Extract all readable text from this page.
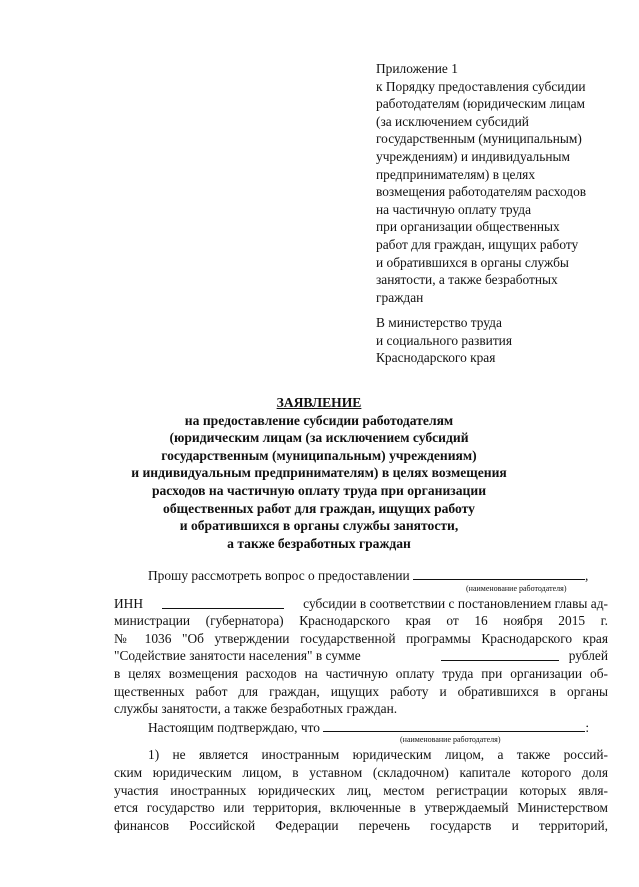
Приложение 1
к Порядку предоставления субсидии
работодателям (юридическим лицам
(за исключением субсидий
государственным (муниципальным)
учреждениям) и индивидуальным
предпринимателям) в целях
возмещения работодателям расходов
на частичную оплату труда
при организации общественных
работ для граждан, ищущих работу
и обратившихся в органы службы
занятости, а также безработных
граждан
В министерство труда
и социального развития
Краснодарского края
ЗАЯВЛЕНИЕ
на предоставление субсидии работодателям
(юридическим лицам (за исключением субсидий
государственным (муниципальным) учреждениям)
и индивидуальным предпринимателям) в целях возмещения
расходов на частичную оплату труда при организации
общественных работ для граждан, ищущих работу
и обратившихся в органы службы занятости,
а также безработных граждан
Прошу рассмотреть вопрос о предоставлении	,
(наименование работодателя)
ИНН	субсидии в соответствии с постановлением главы ад-
министрации (губернатора) Краснодарского края от 16 ноября 2015 г.
№ 1036 "Об утверждении государственной программы Краснодарского края
"Содействие занятости населения" в сумме	рублей
в целях возмещения расходов на частичную оплату труда при организации об-
щественных работ для граждан, ищущих работу и обратившихся в органы
службы занятости, а также безработных граждан.
Настоящим подтверждаю, что	:
(наименование работодателя)
1) не является иностранным юридическим лицом, а также россий-
ским юридическим лицом, в уставном (складочном) капитале которого доля
участия иностранных юридических лиц, местом регистрации которых явля-
ется государство или территория, включенные в утверждаемый Министерством
финансов Российской Федерации перечень государств и территорий,
